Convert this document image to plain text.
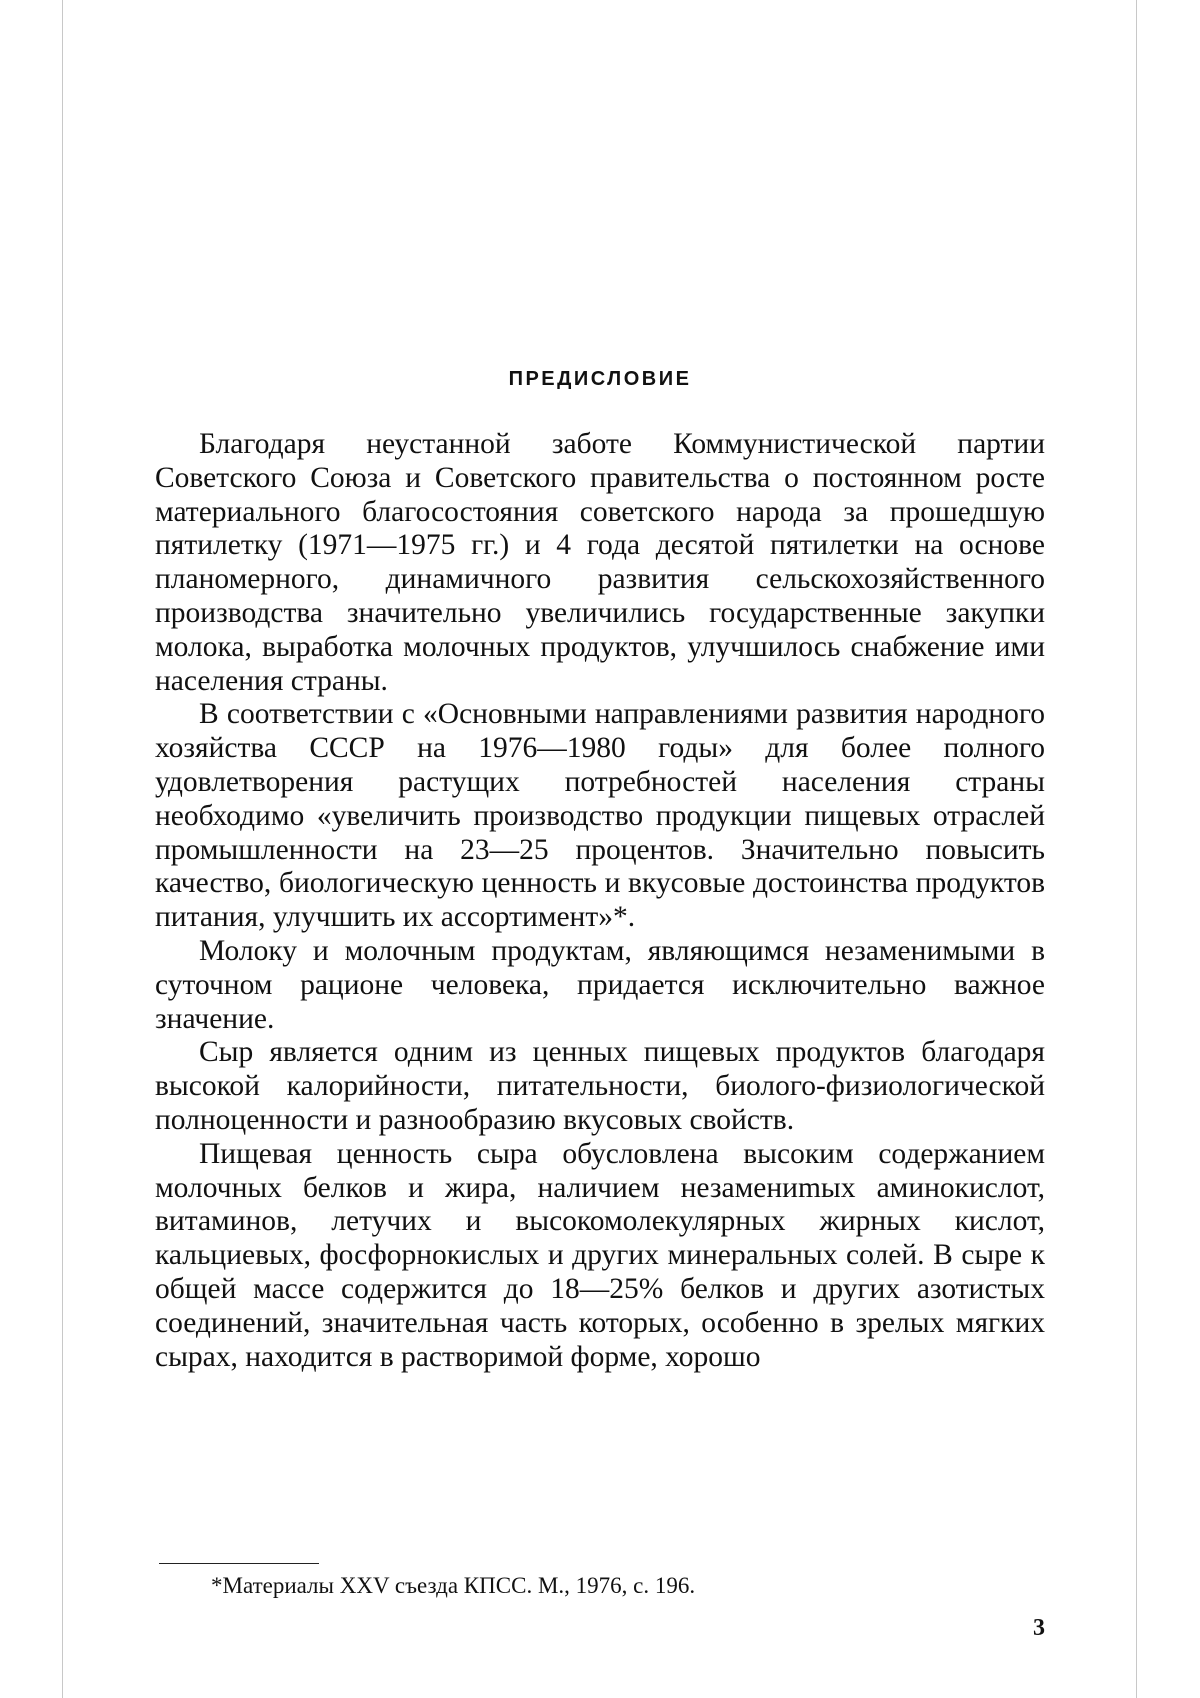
ПРЕДИСЛОВИЕ

Благодаря неустанной заботе Коммунистической партии Советского Союза и Советского правительства о постоянном росте материального благосостояния советского народа за прошедшую пятилетку (1971—1975 гг.) и 4 года десятой пятилетки на основе планомерного, динамичного развития сельскохозяйственного производства значительно увеличились государственные закупки молока, выработка молочных продуктов, улучшилось снабжение ими населения страны.

В соответствии с «Основными направлениями развития народного хозяйства СССР на 1976—1980 годы» для более полного удовлетворения растущих потребностей населения страны необходимо «увеличить производство продукции пищевых отраслей промышленности на 23—25 процентов. Значительно повысить качество, биологическую ценность и вкусовые достоинства продуктов питания, улучшить их ассортимент»*.

Молоку и молочным продуктам, являющимся незаменимыми в суточном рационе человека, придается исключительно важное значение.

Сыр является одним из ценных пищевых продуктов благодаря высокой калорийности, питательности, биолого-физиологической полноценности и разнообразию вкусовых свойств.

Пищевая ценность сыра обусловлена высоким содержанием молочных белков и жира, наличием незамениmых аминокислот, витаминов, летучих и высокомолекулярных жирных кислот, кальциевых, фосфорнокислых и других минеральных солей. В сыре к общей массе содержится до 18—25% белков и других азотистых соединений, значительная часть которых, особенно в зрелых мягких сырах, находится в растворимой форме, хорошо

*Материалы XXV съезда КПСС. М., 1976, с. 196.
3
